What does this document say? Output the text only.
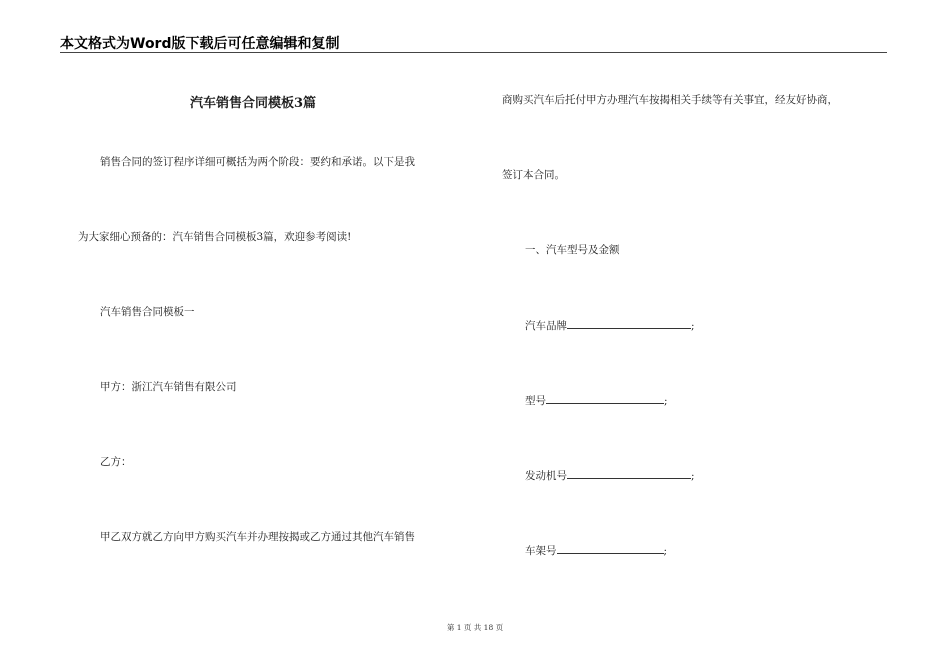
本文格式为Word版下载后可任意编辑和复制
汽车销售合同模板3篇
销售合同的签订程序详细可概括为两个阶段：要约和承诺。以下是我
为大家细心预备的：汽车销售合同模板3篇，欢迎参考阅读!
汽车销售合同模板一
甲方：浙江汽车销售有限公司
乙方：
甲乙双方就乙方向甲方购买汽车并办理按揭或乙方通过其他汽车销售
商购买汽车后托付甲方办理汽车按揭相关手续等有关事宜，经友好协商，
签订本合同。
一、汽车型号及金额
汽车品牌	;
型号	;
发动机号	;
车架号	;
第 1 页 共 18 页
